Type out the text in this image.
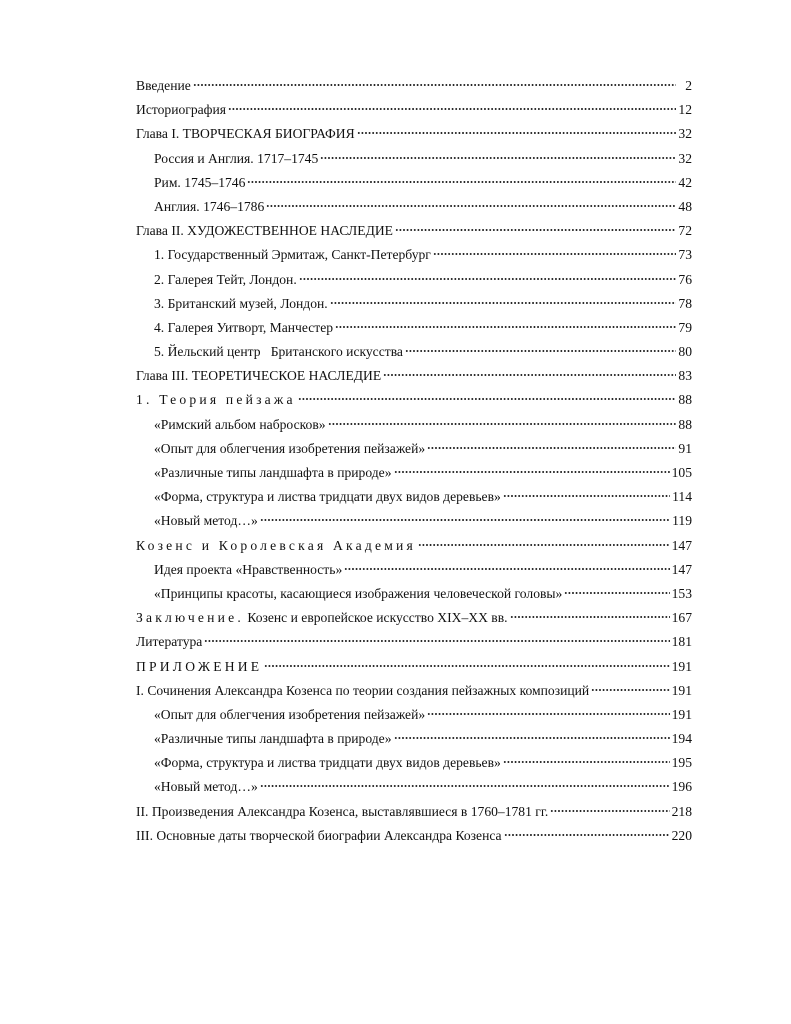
Введение	2
Историография	12
Глава I. ТВОРЧЕСКАЯ БИОГРАФИЯ	32
Россия и Англия. 1717–1745	32
Рим. 1745–1746	42
Англия. 1746–1786	48
Глава II. ХУДОЖЕСТВЕННОЕ НАСЛЕДИЕ	72
1. Государственный Эрмитаж, Санкт-Петербург	73
2. Галерея Тейт, Лондон.	76
3. Британский музей, Лондон.	78
4. Галерея Уитворт, Манчестер	79
5. Йельский центр   Британского искусства	80
Глава III. ТЕОРЕТИЧЕСКОЕ НАСЛЕДИЕ	83
1. Теория пейзажа	88
«Римский альбом набросков»	88
«Опыт для облегчения изобретения пейзажей»	91
«Различные типы ландшафта в природе»	105
«Форма, структура и листва тридцати двух видов деревьев»	114
«Новый метод…»	119
Козенс и Королевская Академия	147
Идея проекта «Нравственность»	147
«Принципы красоты, касающиеся изображения человеческой головы»	153
Заключение. Козенс и европейское искусство XIX–XX вв.	167
Литература	181
ПРИЛОЖЕНИЕ	191
I. Сочинения Александра Козенса по теории создания пейзажных композиций	191
«Опыт для облегчения изобретения пейзажей»	191
«Различные типы ландшафта в природе»	194
«Форма, структура и листва тридцати двух видов деревьев»	195
«Новый метод…»	196
II. Произведения Александра Козенса, выставлявшиеся в 1760–1781 гг.	218
III. Основные даты творческой биографии Александра Козенса	220
